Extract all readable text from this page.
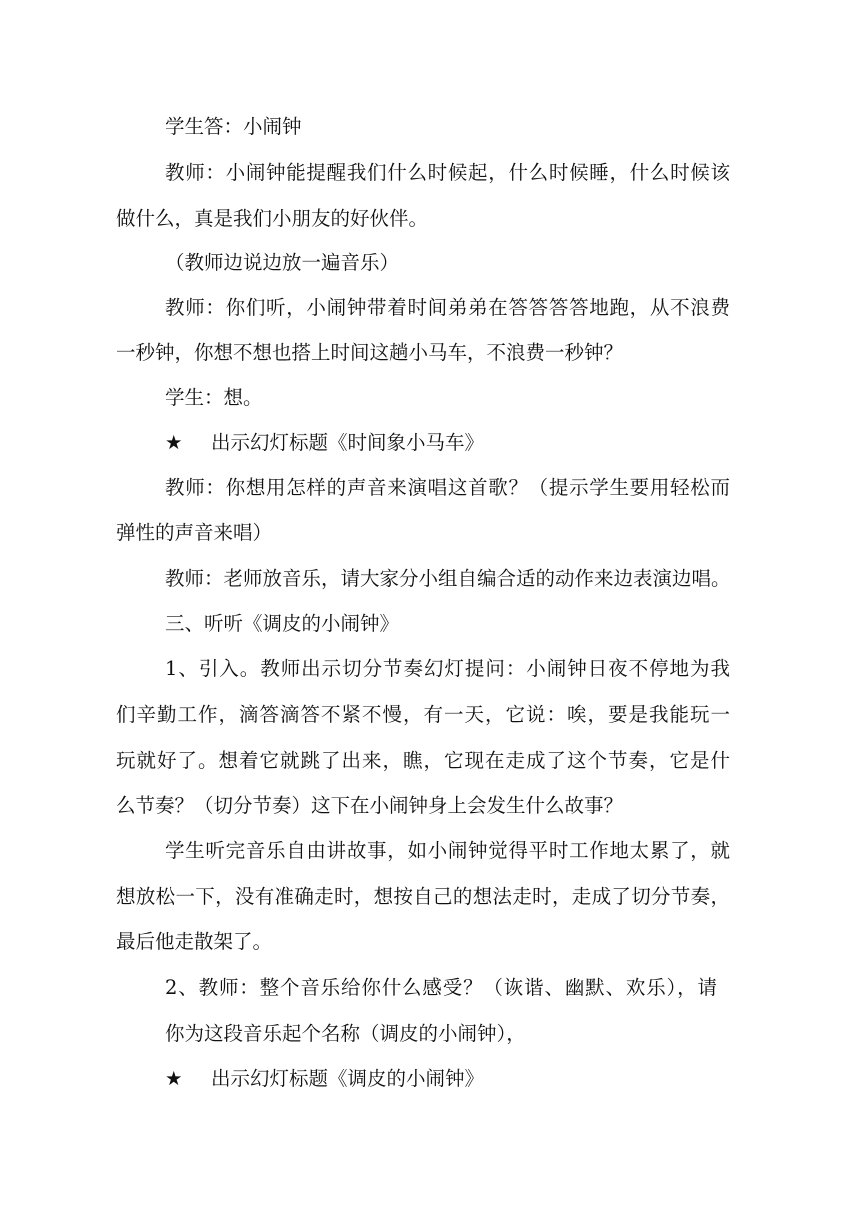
学生答：小闹钟
教师：小闹钟能提醒我们什么时候起，什么时候睡，什么时候该
做什么，真是我们小朋友的好伙伴。
（教师边说边放一遍音乐）
教师：你们听，小闹钟带着时间弟弟在答答答答地跑，从不浪费
一秒钟，你想不想也搭上时间这趟小马车，不浪费一秒钟？
学生：想。
★ 出示幻灯标题《时间象小马车》
教师：你想用怎样的声音来演唱这首歌？（提示学生要用轻松而
弹性的声音来唱）
教师：老师放音乐，请大家分小组自编合适的动作来边表演边唱。
三、听听《调皮的小闹钟》
1、引入。教师出示切分节奏幻灯提问：小闹钟日夜不停地为我
们辛勤工作，滴答滴答不紧不慢，有一天，它说：唉，要是我能玩一
玩就好了。想着它就跳了出来，瞧，它现在走成了这个节奏，它是什
么节奏？（切分节奏）这下在小闹钟身上会发生什么故事？
学生听完音乐自由讲故事，如小闹钟觉得平时工作地太累了，就
想放松一下，没有准确走时，想按自己的想法走时，走成了切分节奏，
最后他走散架了。
2、教师：整个音乐给你什么感受？（诙谐、幽默、欢乐），请
你为这段音乐起个名称（调皮的小闹钟），
★ 出示幻灯标题《调皮的小闹钟》
